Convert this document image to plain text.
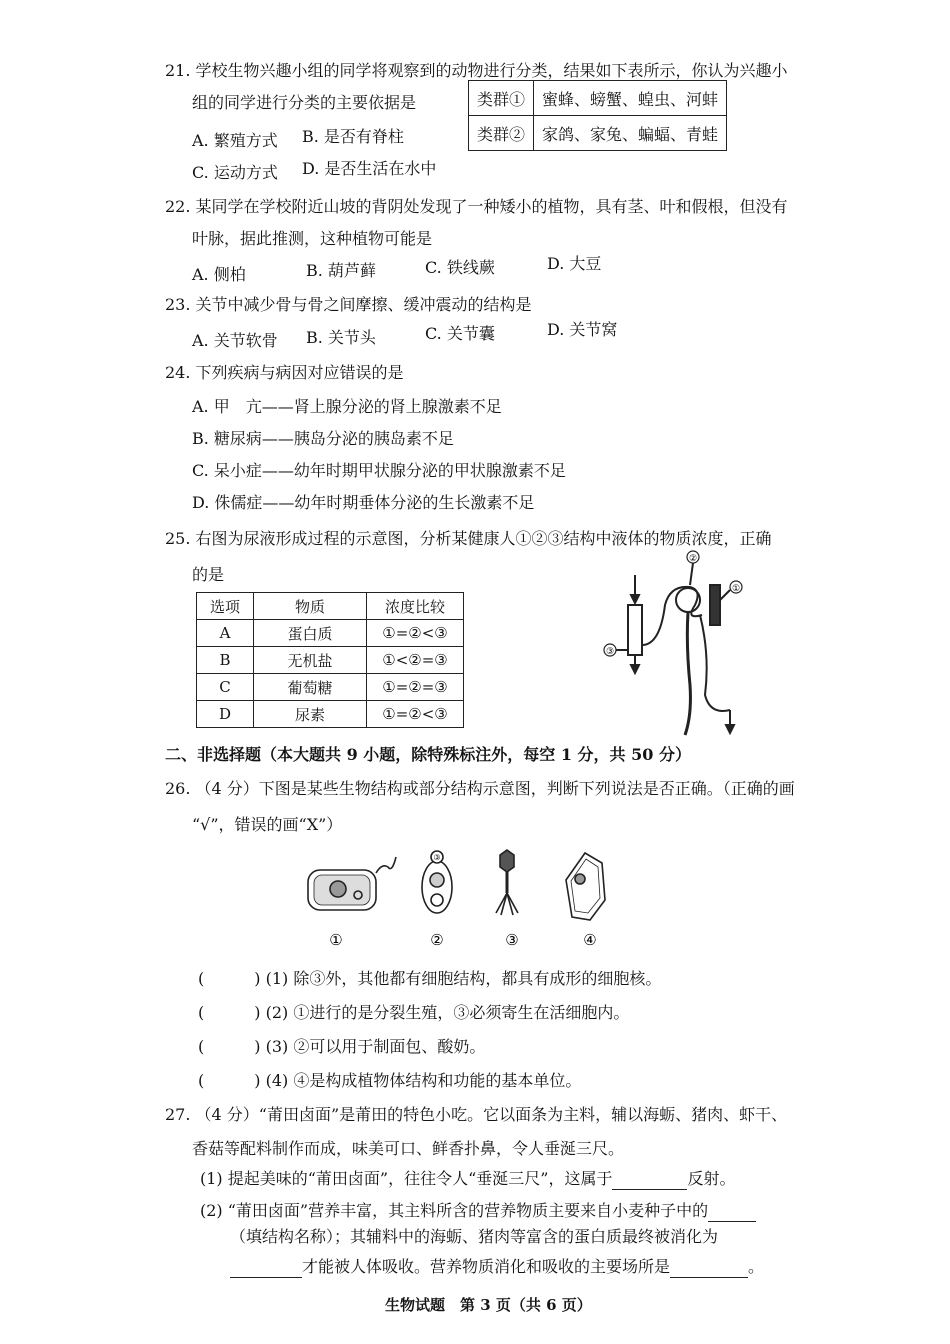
21. 学校生物兴趣小组的同学将观察到的动物进行分类，结果如下表所示，你认为兴趣小
组的同学进行分类的主要依据是
A. 繁殖方式 B. 是否有脊柱
C. 运动方式 D. 是否生活在水中
类群①	蜜蜂、螃蟹、蝗虫、河蚌
类群②	家鸽、家兔、蝙蝠、青蛙
22. 某同学在学校附近山坡的背阴处发现了一种矮小的植物，具有茎、叶和假根，但没有
叶脉，据此推测，这种植物可能是
A. 侧柏	B. 葫芦藓	C. 铁线蕨	D. 大豆
23. 关节中减少骨与骨之间摩擦、缓冲震动的结构是
A. 关节软骨 B. 关节头	C. 关节囊	D. 关节窝
24. 下列疾病与病因对应错误的是
A. 甲　亢——肾上腺分泌的肾上腺激素不足
B. 糖尿病——胰岛分泌的胰岛素不足
C. 呆小症——幼年时期甲状腺分泌的甲状腺激素不足
D. 侏儒症——幼年时期垂体分泌的生长激素不足
25. 右图为尿液形成过程的示意图，分析某健康人①②③结构中液体的物质浓度，正确
的是
选项	物质	浓度比较
A	蛋白质	①=②<③
B	无机盐	①<②=③
C	葡萄糖	①=②=③
D	尿素	①=②<③
②
①
③
二、非选择题（本大题共 9 小题，除特殊标注外，每空 1 分，共 50 分）
26. （4 分）下图是某些生物结构或部分结构示意图，判断下列说法是否正确。（正确的画
“√”，错误的画“X”）
③
①	②	③	④
(	) (1) 除③外，其他都有细胞结构，都具有成形的细胞核。
(	) (2) ①进行的是分裂生殖，③必须寄生在活细胞内。
(	) (3) ②可以用于制面包、酸奶。
(	) (4) ④是构成植物体结构和功能的基本单位。
27. （4 分）“莆田卤面”是莆田的特色小吃。它以面条为主料，辅以海蛎、猪肉、虾干、
香菇等配料制作而成，味美可口、鲜香扑鼻，令人垂涎三尺。
(1) 提起美味的“莆田卤面”，往往令人“垂涎三尺”，这属于	反射。
(2) “莆田卤面”营养丰富，其主料所含的营养物质主要来自小麦种子中的
（填结构名称）；其辅料中的海蛎、猪肉等富含的蛋白质最终被消化为
才能被人体吸收。营养物质消化和吸收的主要场所是	。
生物试题　第 3 页（共 6 页）
